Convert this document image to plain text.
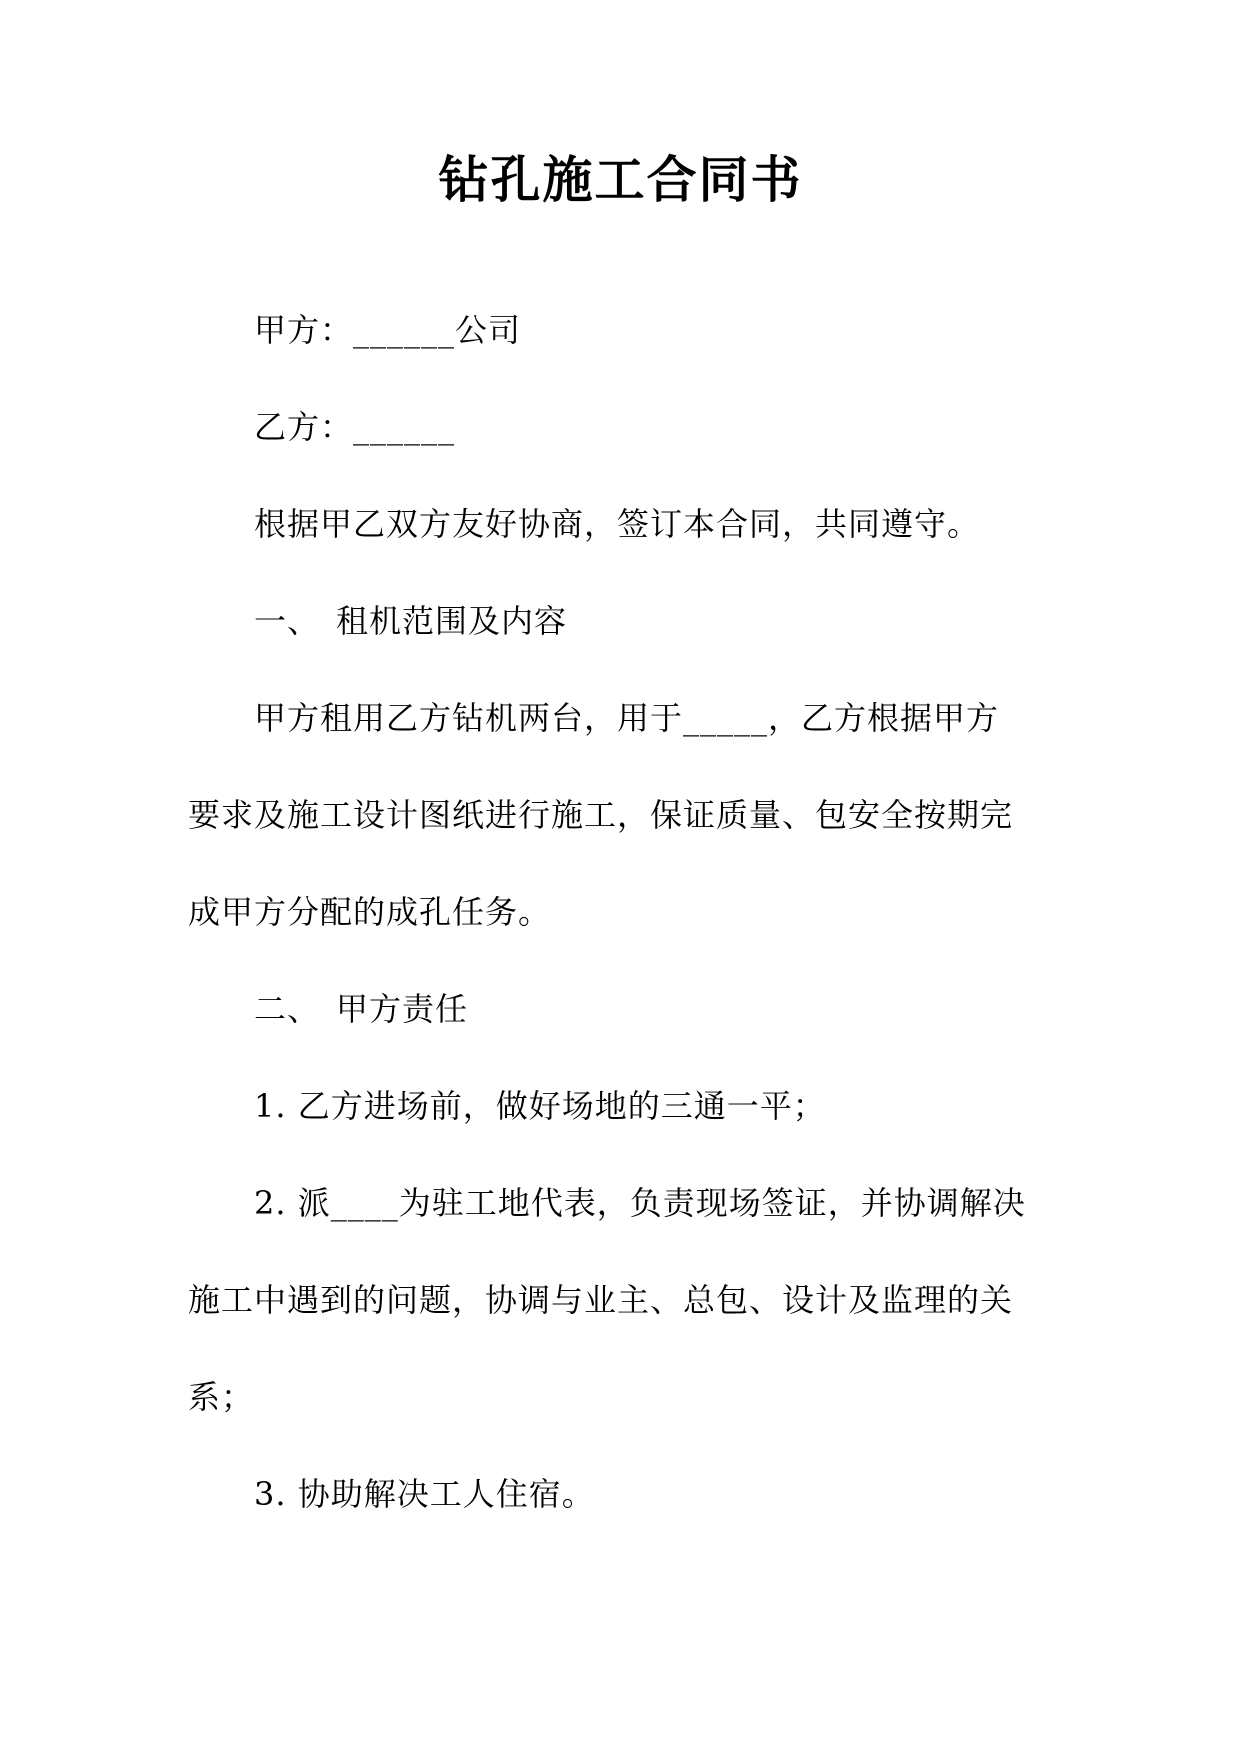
钻孔施工合同书
甲方：______公司
乙方：______
根据甲乙双方友好协商，签订本合同，共同遵守。
一、 租机范围及内容
甲方租用乙方钻机两台，用于_____，乙方根据甲方
要求及施工设计图纸进行施工，保证质量、包安全按期完
成甲方分配的成孔任务。
二、 甲方责任
1. 乙方进场前，做好场地的三通一平；
2. 派____为驻工地代表，负责现场签证，并协调解决
施工中遇到的问题，协调与业主、总包、设计及监理的关
系；
3. 协助解决工人住宿。
